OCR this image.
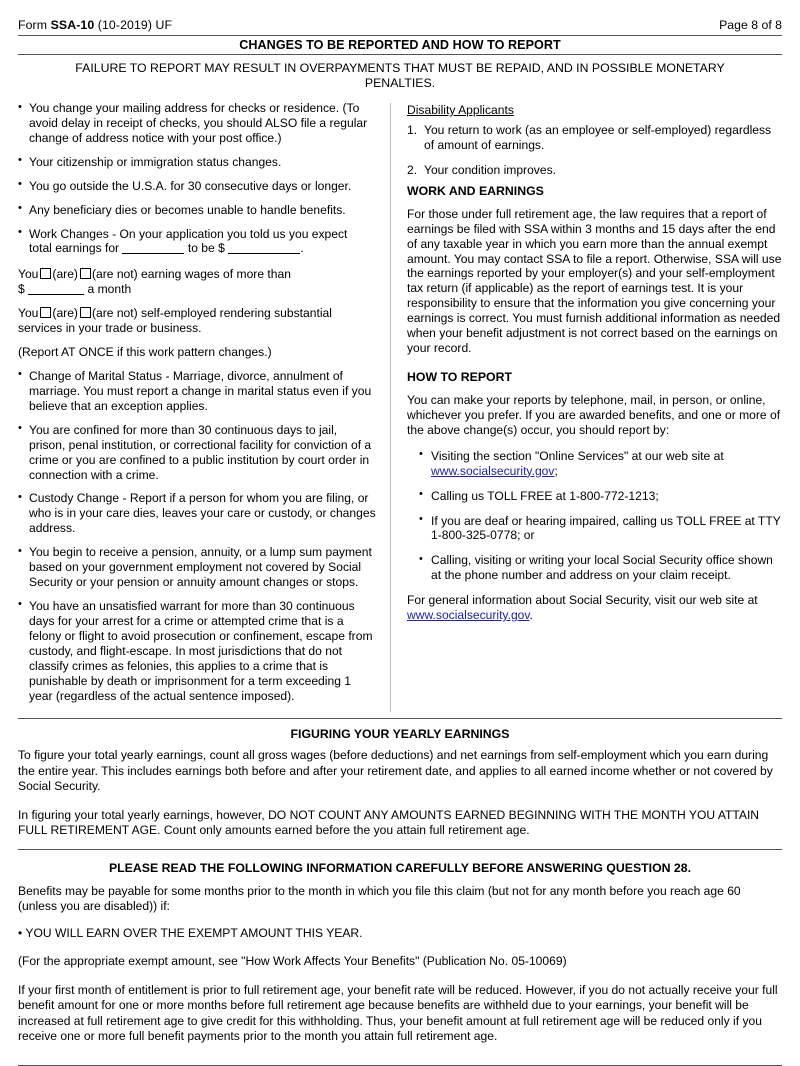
Form SSA-10 (10-2019) UF	Page 8 of 8
CHANGES TO BE REPORTED AND HOW TO REPORT
FAILURE TO REPORT MAY RESULT IN OVERPAYMENTS THAT MUST BE REPAID, AND IN POSSIBLE MONETARY PENALTIES.
• You change your mailing address for checks or residence. (To avoid delay in receipt of checks, you should ALSO file a regular change of address notice with your post office.)
• Your citizenship or immigration status changes.
• You go outside the U.S.A. for 30 consecutive days or longer.
• Any beneficiary dies or becomes unable to handle benefits.
• Work Changes - On your application you told us you expect
total earnings for	to be $	.
You (are) (are not) earning wages of more than
$	a month
You (are) (are not) self-employed rendering substantial services in your trade or business.
(Report AT ONCE if this work pattern changes.)
• Change of Marital Status - Marriage, divorce, annulment of marriage. You must report a change in marital status even if you believe that an exception applies.
• You are confined for more than 30 continuous days to jail, prison, penal institution, or correctional facility for conviction of a crime or you are confined to a public institution by court order in connection with a crime.
• Custody Change - Report if a person for whom you are filing, or who is in your care dies, leaves your care or custody, or changes address.
• You begin to receive a pension, annuity, or a lump sum payment based on your government employment not covered by Social Security or your pension or annuity amount changes or stops.
• You have an unsatisfied warrant for more than 30 continuous days for your arrest for a crime or attempted crime that is a felony or flight to avoid prosecution or confinement, escape from custody, and flight-escape. In most jurisdictions that do not classify crimes as felonies, this applies to a crime that is punishable by death or imprisonment for a term exceeding 1 year (regardless of the actual sentence imposed).
Disability Applicants
1. You return to work (as an employee or self-employed) regardless of amount of earnings.
2. Your condition improves.
WORK AND EARNINGS
For those under full retirement age, the law requires that a report of earnings be filed with SSA within 3 months and 15 days after the end of any taxable year in which you earn more than the annual exempt amount. You may contact SSA to file a report. Otherwise, SSA will use the earnings reported by your employer(s) and your self-employment tax return (if applicable) as the report of earnings test. It is your responsibility to ensure that the information you give concerning your earnings is correct. You must furnish additional information as needed when your benefit adjustment is not correct based on the earnings on your record.
HOW TO REPORT
You can make your reports by telephone, mail, in person, or online, whichever you prefer. If you are awarded benefits, and one or more of the above change(s) occur, you should report by:
• Visiting the section "Online Services" at our web site at www.socialsecurity.gov;
• Calling us TOLL FREE at 1-800-772-1213;
• If you are deaf or hearing impaired, calling us TOLL FREE at TTY 1-800-325-0778; or
• Calling, visiting or writing your local Social Security office shown at the phone number and address on your claim receipt.
For general information about Social Security, visit our web site at www.socialsecurity.gov.
FIGURING YOUR YEARLY EARNINGS
To figure your total yearly earnings, count all gross wages (before deductions) and net earnings from self-employment which you earn during the entire year. This includes earnings both before and after your retirement date, and applies to all earned income whether or not covered by Social Security.
In figuring your total yearly earnings, however, DO NOT COUNT ANY AMOUNTS EARNED BEGINNING WITH THE MONTH YOU ATTAIN FULL RETIREMENT AGE. Count only amounts earned before the you attain full retirement age.
PLEASE READ THE FOLLOWING INFORMATION CAREFULLY BEFORE ANSWERING QUESTION 28.
Benefits may be payable for some months prior to the month in which you file this claim (but not for any month before you reach age 60 (unless you are disabled)) if:
• YOU WILL EARN OVER THE EXEMPT AMOUNT THIS YEAR.
(For the appropriate exempt amount, see "How Work Affects Your Benefits" (Publication No. 05-10069)
If your first month of entitlement is prior to full retirement age, your benefit rate will be reduced. However, if you do not actually receive your full benefit amount for one or more months before full retirement age because benefits are withheld due to your earnings, your benefit will be increased at full retirement age to give credit for this withholding. Thus, your benefit amount at full retirement age will be reduced only if you receive one or more full benefit payments prior to the month you attain full retirement age.
